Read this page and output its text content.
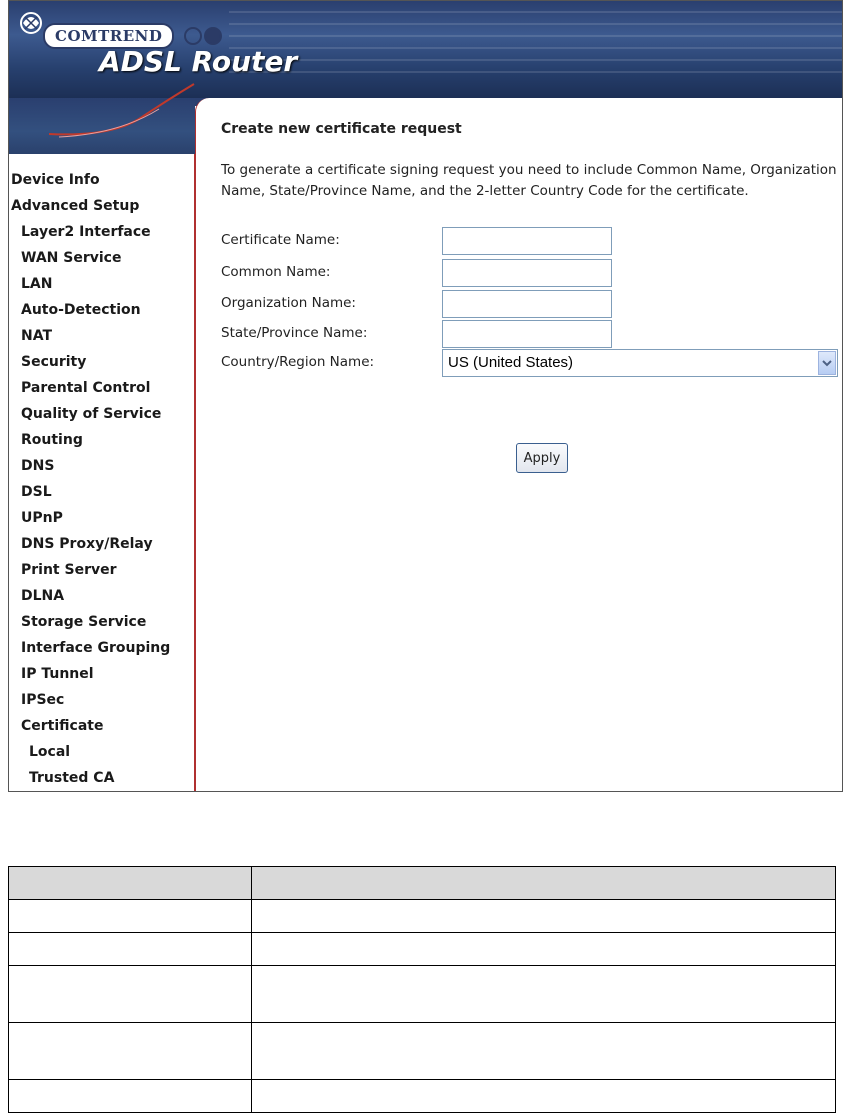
COMTREND
ADSL Router
Device Info
Advanced Setup
Layer2 Interface
WAN Service
LAN
Auto-Detection
NAT
Security
Parental Control
Quality of Service
Routing
DNS
DSL
UPnP
DNS Proxy/Relay
Print Server
DLNA
Storage Service
Interface Grouping
IP Tunnel
IPSec
Certificate
Local
Trusted CA
Create new certificate request

To generate a certificate signing request you need to include Common Name, Organization Name, State/Province Name, and the 2-letter Country Code for the certificate.

Certificate Name:
Common Name:
Organization Name:
State/Province Name:
Country/Region Name:	US (United States)
Apply
